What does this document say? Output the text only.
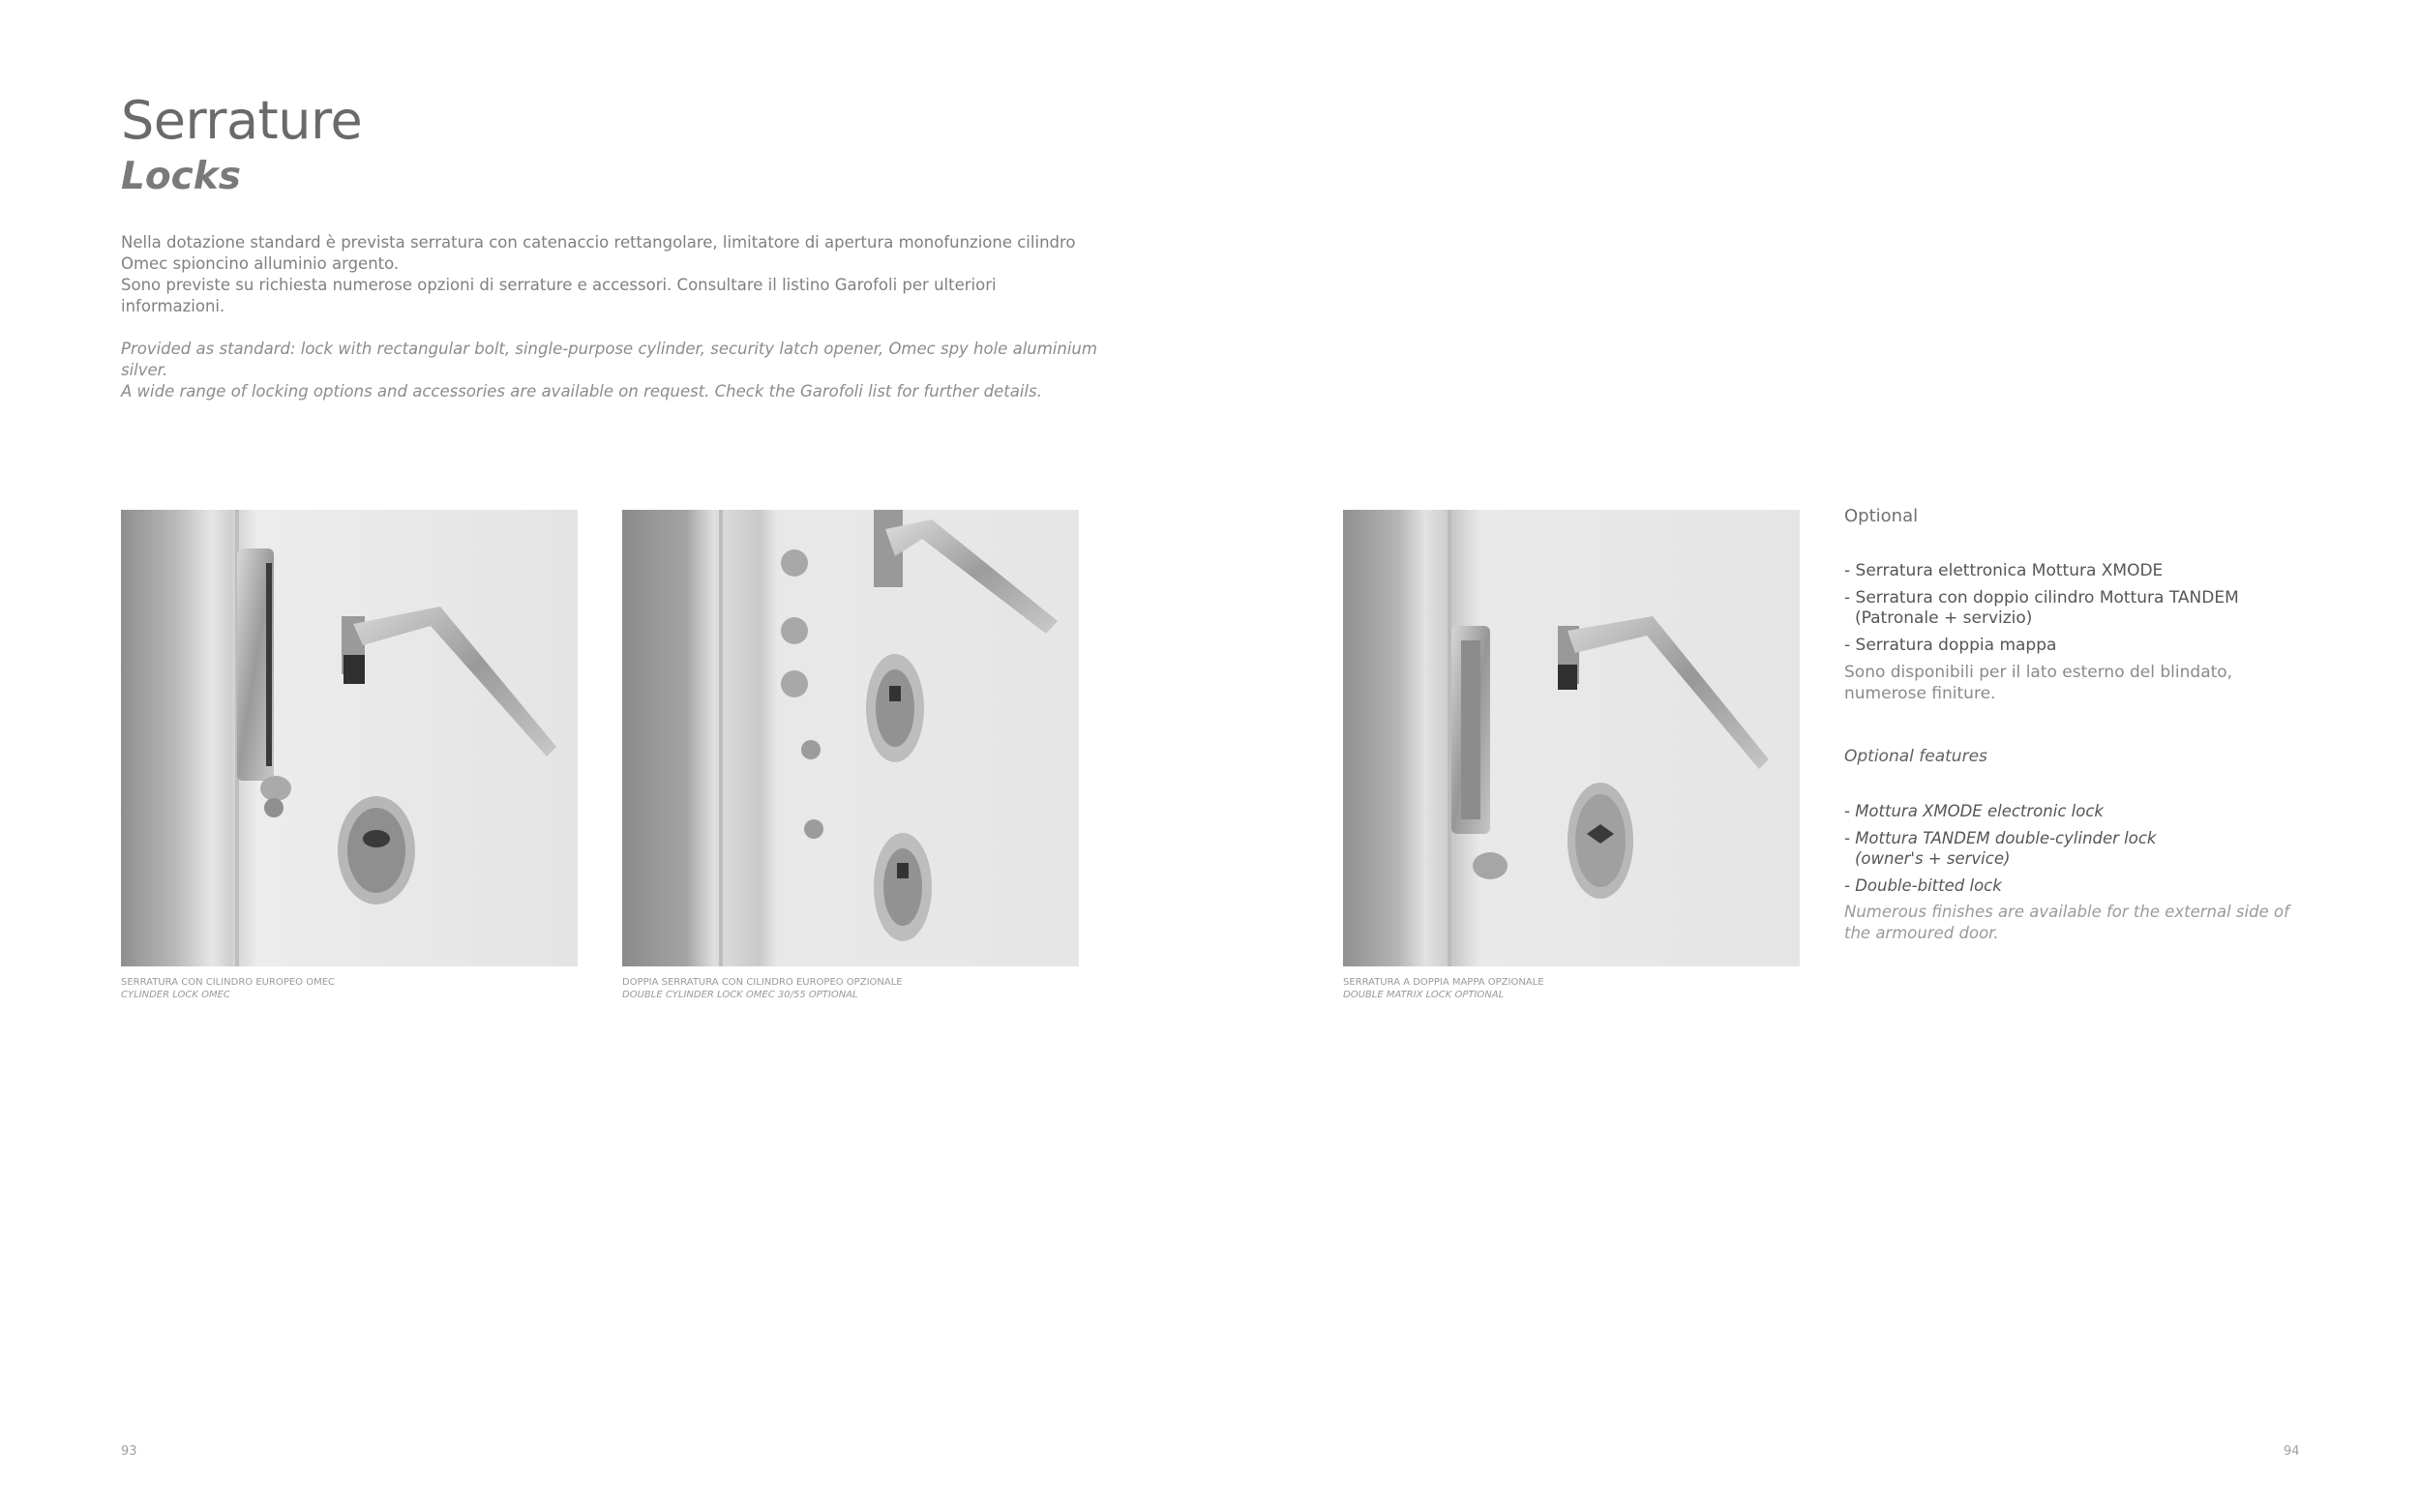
Serrature
Locks

Nella dotazione standard è prevista serratura con catenaccio rettangolare, limitatore di apertura monofunzione cilindro Omec spioncino alluminio argento.

Sono previste su richiesta numerose opzioni di serrature e accessori. Consultare il listino Garofoli per ulteriori informazioni.

Provided as standard: lock with rectangular bolt, single-purpose cylinder, security latch opener, Omec spy hole aluminium silver.

A wide range of locking options and accessories are available on request. Check the Garofoli list for further details.

SERRATURA CON CILINDRO EUROPEO OMEC
CYLINDER LOCK OMEC
DOPPIA SERRATURA CON CILINDRO EUROPEO OPZIONALE
DOUBLE CYLINDER LOCK OMEC 30/55 OPTIONAL
SERRATURA A DOPPIA MAPPA OPZIONALE
DOUBLE MATRIX LOCK OPTIONAL
Optional
- Serratura elettronica Mottura XMODE
- Serratura con doppio cilindro Mottura TANDEM
(Patronale + servizio)
- Serratura doppia mappa

Sono disponibili per il lato esterno del blindato, numerose finiture.

Optional features
- Mottura XMODE electronic lock
- Mottura TANDEM double-cylinder lock
(owner's + service)
- Double-bitted lock

Numerous finishes are available for the external side of the armoured door.

93	94
